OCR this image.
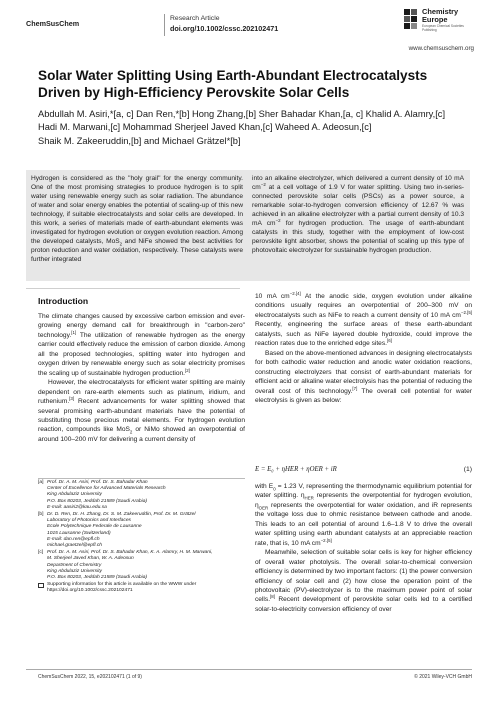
ChemSusChem
Research Article
doi.org/10.1002/cssc.202102471
Chemistry
Europe
European Chemical Societies Publishing
www.chemsuschem.org
Solar Water Splitting Using Earth-Abundant Electrocatalysts Driven by High-Efficiency Perovskite Solar Cells
Abdullah M. Asiri,*[a, c] Dan Ren,*[b] Hong Zhang,[b] Sher Bahadar Khan,[a, c] Khalid A. Alamry,[c]
Hadi M. Marwani,[c] Mohammad Sherjeel Javed Khan,[c] Waheed A. Adeosun,[c]
Shaik M. Zakeeruddin,[b] and Michael Grätzel*[b]
Hydrogen is considered as the "holy grail" for the energy community. One of the most promising strategies to produce hydrogen is to split water using renewable energy such as solar radiation. The abundance of water and solar energy enables the potential of scaling-up of this new technology, if suitable electrocatalysts and solar cells are developed. In this work, a series of materials made of earth-abundant elements was investigated for hydrogen evolution or oxygen evolution reaction. Among the developed catalysts, MoS$_2$ and NiFe showed the best activities for proton reduction and water oxidation, respectively. These catalysts were further integrated
into an alkaline electrolyzer, which delivered a current density of 10 mA $cm^{-2}$ at a cell voltage of 1.9 V for water splitting. Using two in-series-connected perovskite solar cells (PSCs) as a power source, a remarkable solar-to-hydrogen conversion efficiency of 12.67 % was achieved in an alkaline electrolyzer with a partial current density of 10.3 mA $cm^{-2}$ for hydrogen production. The usage of earth-abundant catalysts in this study, together with the employment of low-cost perovskite light absorber, shows the potential of scaling up this type of photovoltaic electrolyzer for sustainable hydrogen production.
Introduction

The climate changes caused by excessive carbon emission and ever-growing energy demand call for breakthrough in "carbon-zero" technology.[1] The utilization of renewable hydrogen as the energy carrier could effectively reduce the emission of carbon dioxide. Among all the proposed technologies, splitting water into hydrogen and oxygen driven by renewable energy such as solar electricity promises the scaling up of sustainable hydrogen production.[2]

However, the electrocatalysts for efficient water splitting are mainly dependent on rare-earth elements such as platinum, iridium, and ruthenium.[3] Recent advancements for water splitting showed that several promising earth-abundant materials have the potential of substituting those precious metal elements. For hydrogen evolution reaction, compounds like MoS$_2$ or NiMo showed an overpotential of around 100–200 mV for delivering a current density of

[a] Prof. Dr. A. M. Asiri, Prof. Dr. S. Bahadar Khan
Center of Excellence for Advanced Materials Research
King Abdulaziz University
P.O. Box 80203, Jeddah 21589 (Saudi Arabia)
E-mail: aasiri2@kau.edu.sa
[b] Dr. D. Ren, Dr. H. Zhang, Dr. S. M. Zakeeruddin, Prof. Dr. M. Grätzel
Laboratory of Photonics and Interfaces
Ecole Polytechnique Federale de Lausanne
1015 Lausanne (Switzerland)
E-mail: dan.ren@epfl.ch
michael.graetzel@epfl.ch
[c] Prof. Dr. A. M. Asiri, Prof. Dr. S. Bahadar Khan, K. A. Alamry, H. M. Marwani,
M. Sherjeel Javed Khan, W. A. Adeosun
Department of Chemistry
King Abdulaziz University
P.O. Box 80203, Jeddah 21589 (Saudi Arabia)
Supporting information for this article is available on the WWW under https://doi.org/10.1002/cssc.202102471

10 mA $cm^{-2.[4]}$ At the anodic side, oxygen evolution under alkaline conditions usually requires an overpotential of 200–300 mV on electrocatalysts such as NiFe to reach a current density of 10 mA $cm^{-2.[5]}$ Recently, engineering the surface areas of these earth-abundant catalysts, such as NiFe layered double hydroxide, could improve the reaction rates due to the enriched edge sites.[6]

Based on the above-mentioned advances in designing electrocatalysts for both cathodic water reduction and anodic water oxidation reactions, constructing electrolyzers that consist of earth-abundant materials for efficient acid or alkaline water electrolysis has the potential of reducing the overall cost of this technology.[7] The overall cell potential for water electrolysis is given as below:

E = E₀ + ηHER + ηOER + iR	(1)

with $E_0 = 1.23$ V, representing the thermodynamic equilibrium potential for water splitting. $\eta_{HER}$ represents the overpotential for hydrogen evolution, $\eta_{OER}$ represents the overpotential for water oxidation, and iR represents the voltage loss due to ohmic resistance between cathode and anode. This leads to an cell potential of around 1.6–1.8 V to drive the overall water splitting using earth abundant catalysts at an appreciable reaction rate, that is, 10 mA $cm^{-2.[5]}$

Meanwhile, selection of suitable solar cells is key for higher efficiency of overall water photolysis. The overall solar-to-chemical conversion efficiency is determined by two important factors: (1) the power conversion efficiency of solar cell and (2) how close the operation point of the photovoltaic (PV)-electrolyzer is to the maximum power point of solar cells.[8] Recent development of perovskite solar cells led to a certified solar-to-electricity conversion efficiency of over

ChemSusChem 2022, 15, e202102471 (1 of 9)	© 2021 Wiley-VCH GmbH
